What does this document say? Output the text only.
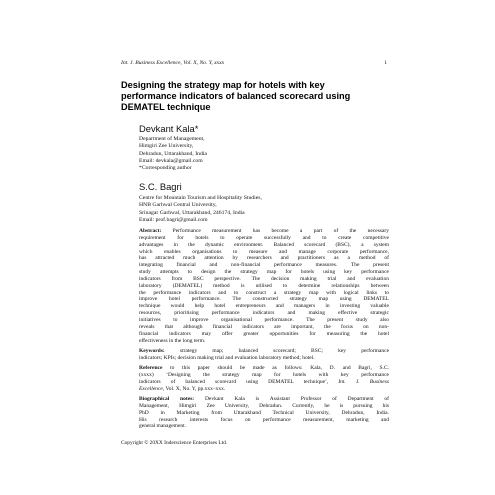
Int. J. Business Excellence, Vol. X, No. Y, xxxx	1
Designing the strategy map for hotels with key
performance indicators of balanced scorecard using
DEMATEL technique
Devkant Kala*
Department of Management,
Himgiri Zee University,
Dehradun, Uttarakhand, India
Email: devkala@gmail.com
*Corresponding author
S.C. Bagri
Centre for Mountain Tourism and Hospitality Studies,
HNB Garhwal Central University,
Srinagar Garhwal, Uttarakhand, 246174, India
Email: prof.bagri@gmail.com
Abstract: Performance measurement has become a part of the necessary
requirement for hotels to operate successfully and to create competitive
advantages in the dynamic environment. Balanced scorecard (BSC), a system
which enables organisations to measure and manage corporate performance,
has attracted much attention by researchers and practitioners as a method of
integrating financial and non-financial performance measures. The present
study attempts to design the strategy map for hotels using key performance
indicators from BSC perspective. The decision making trial and evaluation
laboratory (DEMATEL) method is utilised to determine relationships between
the performance indicators and to construct a strategy map with logical links to
improve hotel performance. The constructed strategy map using DEMATEL
technique would help hotel entrepreneurs and managers in investing valuable
resources, prioritising performance indicators and making effective strategic
initiatives to improve organisational performance. The present study also
reveals that although financial indicators are important, the focus on non-
financial indicators may offer greater opportunities for measuring the hotel
effectiveness in the long term.
Keywords:	strategy map; balanced scorecard; BSC; key performance
indicators; KPIs; decision making trial and evaluation laboratory method; hotel.
Reference to this paper should be made as follows: Kala, D. and Bagri, S.C.
(xxxx) ‘Designing the strategy map for hotels with key performance
indicators of balanced scorecard using DEMATEL technique’, Int. J. Business
Excellence, Vol. X, No. Y, pp.xxx–xxx.
Biographical notes: Devkant Kala is Assistant Professor of Department of
Management, Himgiri Zee University, Dehradun. Currently, he is pursuing his
PhD in Marketing from Uttarakhand Technical University, Dehradun, India.
His research interests focus on performance measurement, marketing and
general management.
Copyright © 20XX Inderscience Enterprises Ltd.
